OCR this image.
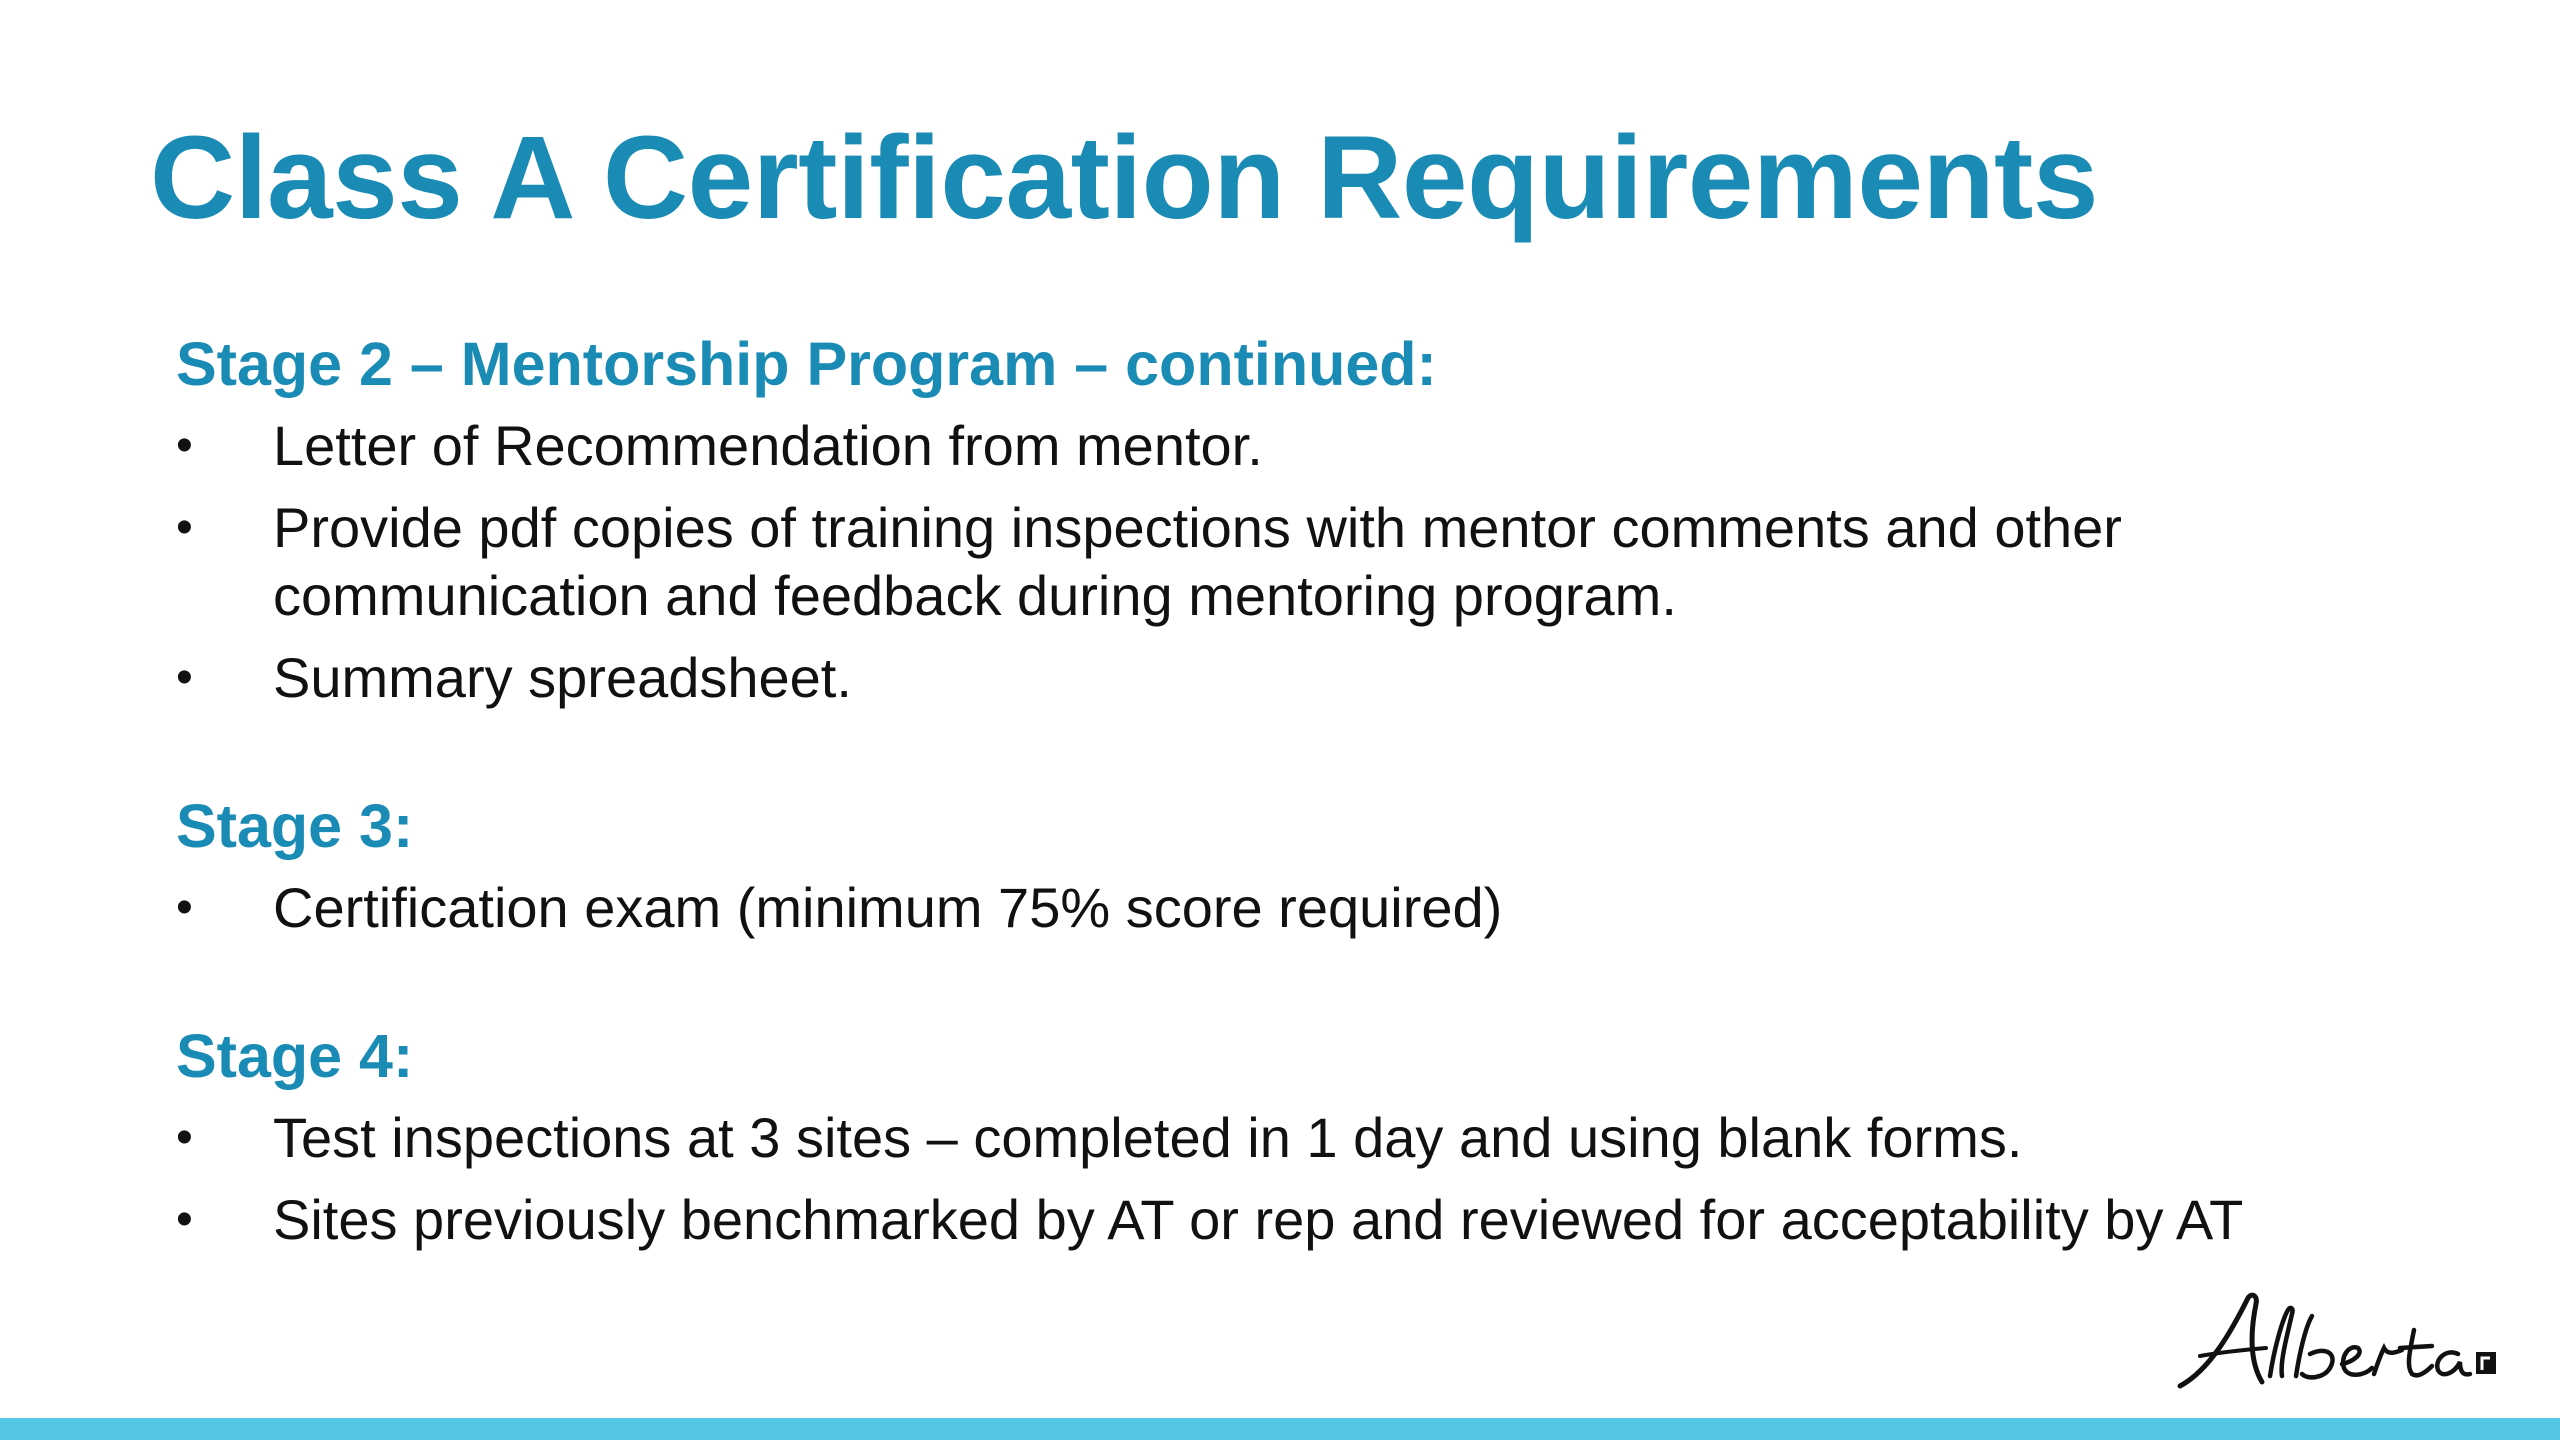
Class A Certification Requirements
Stage 2 – Mentorship Program – continued:
• Letter of Recommendation from mentor.
• Provide pdf copies of training inspections with mentor comments and other communication and feedback during mentoring program.
• Summary spreadsheet.
Stage 3:
• Certification exam (minimum 75% score required)
Stage 4:
• Test inspections at 3 sites – completed in 1 day and using blank forms.
• Sites previously benchmarked by AT or rep and reviewed for acceptability by AT
